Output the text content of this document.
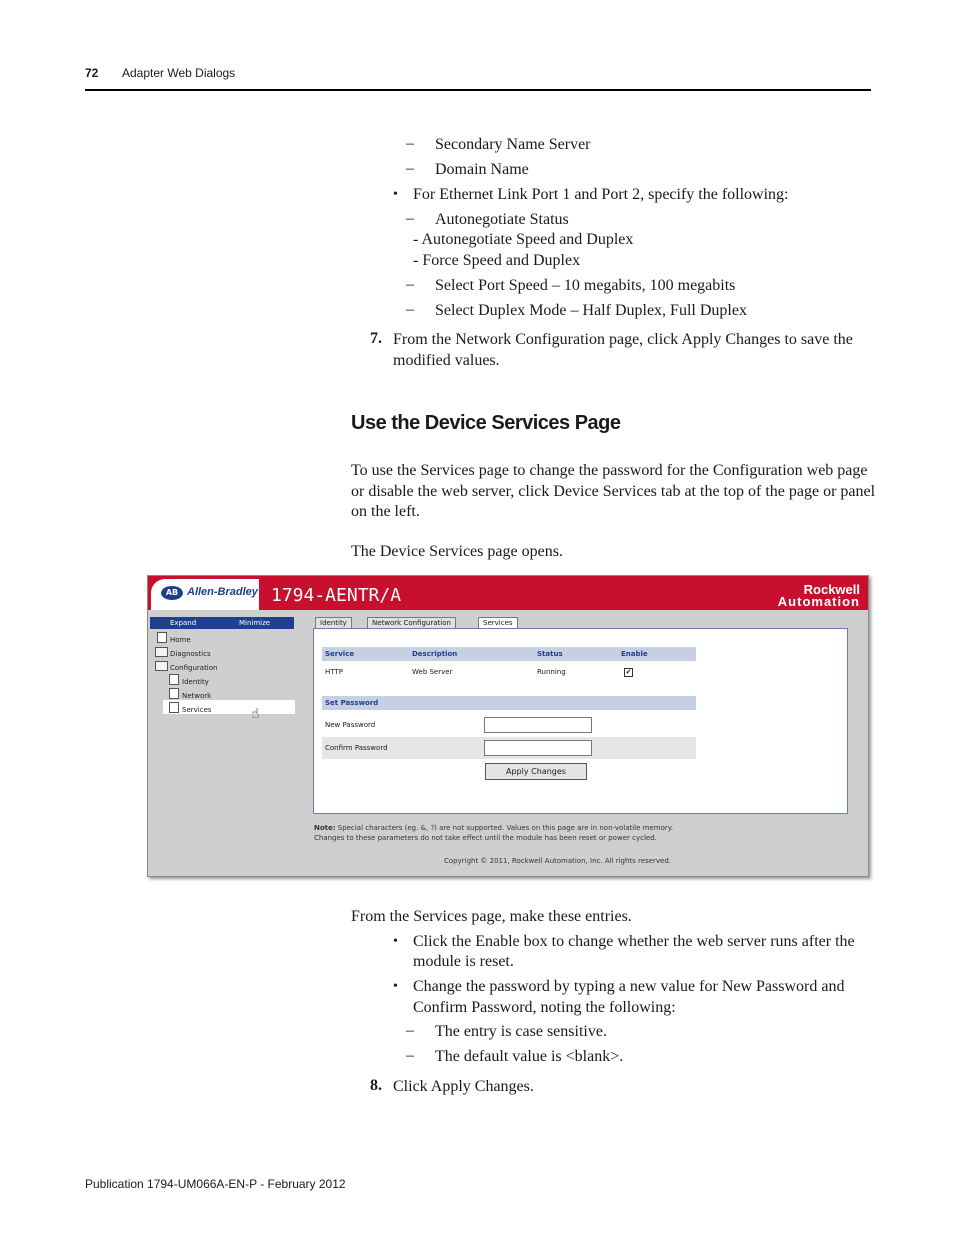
72 Adapter Web Dialogs
– Secondary Name Server
– Domain Name
• For Ethernet Link Port 1 and Port 2, specify the following:
– Autonegotiate Status
- Autonegotiate Speed and Duplex
- Force Speed and Duplex
– Select Port Speed – 10 megabits, 100 megabits
– Select Duplex Mode – Half Duplex, Full Duplex
7. From the Network Configuration page, click Apply Changes to save the
modified values.
Use the Device Services Page
To use the Services page to change the password for the Configuration web page
or disable the web server, click Device Services tab at the top of the page or panel
on the left.
The Device Services page opens.
AB Allen-Bradley 1794-AENTR/A	Rockwell
Automation
Expand	Minimize
Home
Diagnostics
Configuration
Identity
Network
Services	☝
Identity	Network Configuration	Services
Service	Description	Status	Enable
HTTP	Web Server	Running	✔
Set Password
New Password
Confirm Password
Apply Changes
Note: Special characters (eg. &, ?) are not supported. Values on this page are in non-volatile memory.
Changes to these parameters do not take effect until the module has been reset or power cycled.
Copyright © 2011, Rockwell Automation, Inc. All rights reserved.
From the Services page, make these entries.
• Click the Enable box to change whether the web server runs after the
module is reset.
• Change the password by typing a new value for New Password and
Confirm Password, noting the following:
– The entry is case sensitive.
– The default value is <blank>.
8. Click Apply Changes.
Publication 1794-UM066A-EN-P - February 2012
